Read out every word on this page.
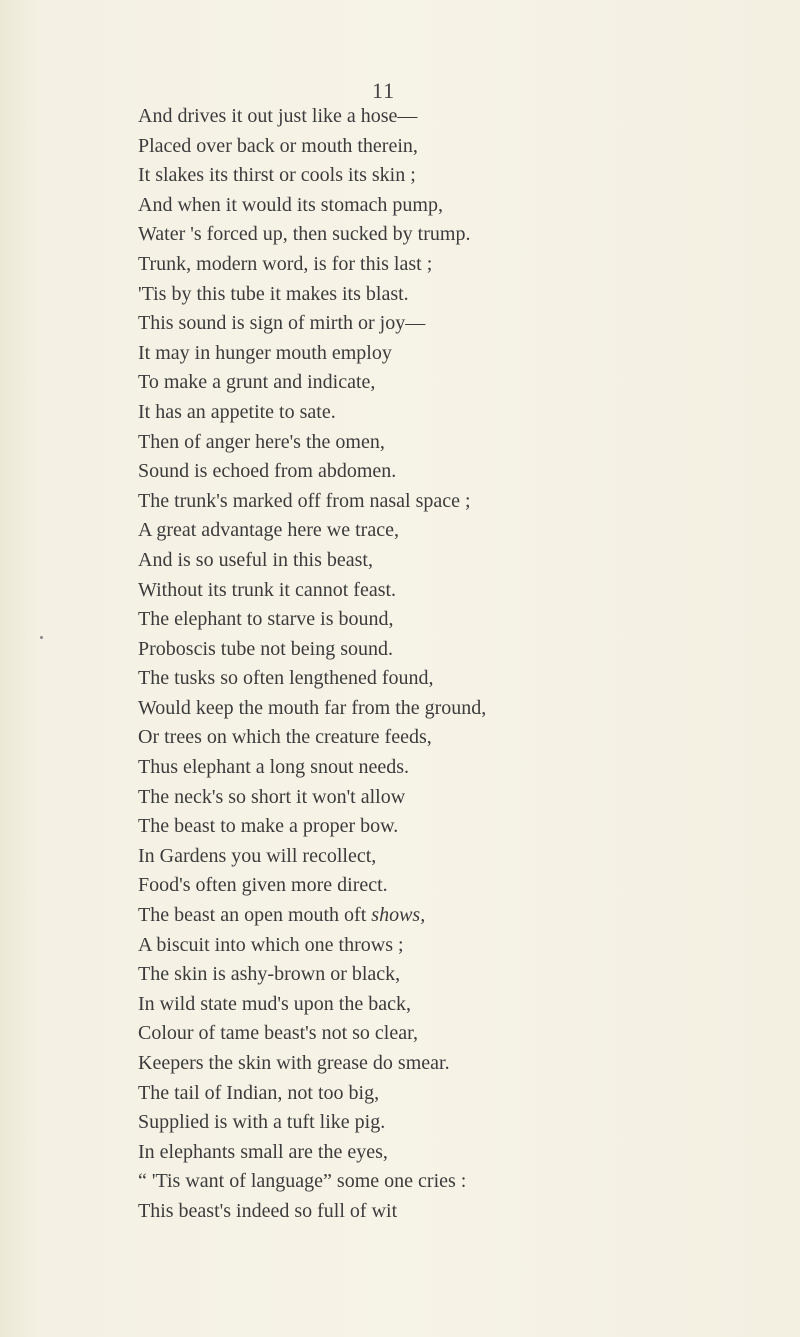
11
And drives it out just like a hose—
Placed over back or mouth therein,
It slakes its thirst or cools its skin ;
And when it would its stomach pump,
Water 's forced up, then sucked by trump.
Trunk, modern word, is for this last ;
'Tis by this tube it makes its blast.
This sound is sign of mirth or joy—
It may in hunger mouth employ
To make a grunt and indicate,
It has an appetite to sate.
Then of anger here's the omen,
Sound is echoed from abdomen.
The trunk's marked off from nasal space ;
A great advantage here we trace,
And is so useful in this beast,
Without its trunk it cannot feast.
The elephant to starve is bound,
Proboscis tube not being sound.
The tusks so often lengthened found,
Would keep the mouth far from the ground,
Or trees on which the creature feeds,
Thus elephant a long snout needs.
The neck's so short it won't allow
The beast to make a proper bow.
In Gardens you will recollect,
Food's often given more direct.
The beast an open mouth oft shows,
A biscuit into which one throws ;
The skin is ashy-brown or black,
In wild state mud's upon the back,
Colour of tame beast's not so clear,
Keepers the skin with grease do smear.
The tail of Indian, not too big,
Supplied is with a tuft like pig.
In elephants small are the eyes,
“ 'Tis want of language” some one cries :
This beast's indeed so full of wit
